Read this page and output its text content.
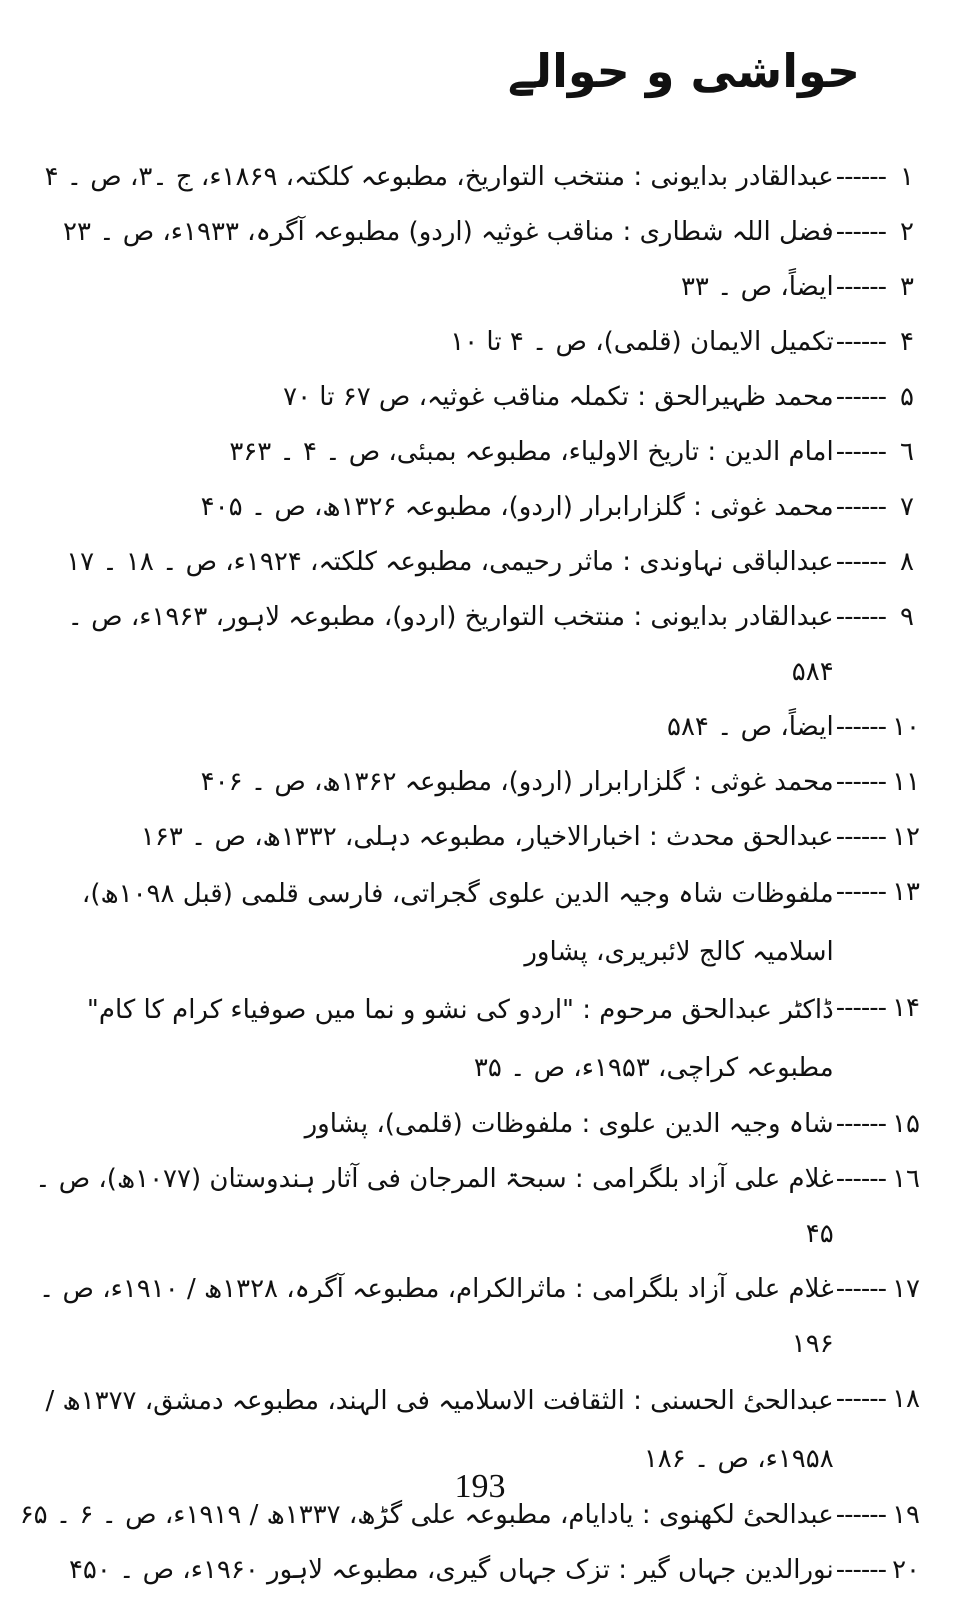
حواشی و حوالے
١
------
عبدالقادر بدایونی : منتخب التواریخ، مطبوعہ کلکتہ، ۱۸۶۹ء، ج ۔۳، ص ۔ ۴
٢
------
فضل اللہ شطاری : مناقب غوثیہ (اردو) مطبوعہ آگرہ، ۱۹۳۳ء، ص ۔ ۲۳
٣
------
ایضاً، ص ۔ ۳۳
۴
------
تکمیل الایمان (قلمی)، ص ۔ ۴ تا ۱۰
۵
------
محمد ظہیرالحق : تکملہ مناقب غوثیہ، ص ۶۷ تا ۷۰
٦
------
امام الدین : تاریخ الاولیاء، مطبوعہ بمبئی، ص ۔ ۴ ۔ ۳۶۳
۷
------
محمد غوثی : گلزارابرار (اردو)، مطبوعہ ۱۳۲۶ھ، ص ۔ ۴۰۵
٨
------
عبدالباقی نہاوندی : ماثر رحیمی، مطبوعہ کلکتہ، ۱۹۲۴ء، ص ۔ ۱۸ ۔ ۱۷
٩
------
عبدالقادر بدایونی : منتخب التواریخ (اردو)، مطبوعہ لاہور، ۱۹۶۳ء، ص ۔ ۵۸۴
١٠
------
ایضاً، ص ۔ ۵۸۴
١١
------
محمد غوثی : گلزارابرار (اردو)، مطبوعہ ۱۳۶۲ھ، ص ۔ ۴۰۶
١٢
------
عبدالحق محدث : اخبارالاخیار، مطبوعہ دہلی، ۱۳۳۲ھ، ص ۔ ۱۶۳
١٣
------
ملفوظات شاہ وجیہ الدین علوی گجراتی، فارسی قلمی (قبل ۱۰۹۸ھ)، اسلامیہ کالج لائبریری، پشاور
١۴
------
ڈاکٹر عبدالحق مرحوم : "اردو کی نشو و نما میں صوفیاء کرام کا کام" مطبوعہ کراچی، ۱۹۵۳ء، ص ۔ ۳۵
١۵
------
شاہ وجیہ الدین علوی : ملفوظات (قلمی)، پشاور
١٦
------
غلام علی آزاد بلگرامی : سبحۃ المرجان فی آثار ہندوستان (۱۰۷۷ھ)، ص ۔ ۴۵
١۷
------
غلام علی آزاد بلگرامی : ماثرالکرام، مطبوعہ آگرہ، ۱۳۲۸ھ / ۱۹۱۰ء، ص ۔ ۱۹۶
١٨
------
عبدالحیٔ الحسنی : الثقافت الاسلامیہ فی الہند، مطبوعہ دمشق، ۱۳۷۷ھ / ۱۹۵۸ء، ص ۔ ۱۸۶
١٩
------
عبدالحیٔ لکھنوی : یادایام، مطبوعہ علی گڑھ، ۱۳۳۷ھ / ۱۹۱۹ء، ص ۔ ۶ ۔ ۶۵
٢٠
------
نورالدین جہاں گیر : تزک جہاں گیری، مطبوعہ لاہور ۱۹۶۰ء، ص ۔ ۴۵۰
193
